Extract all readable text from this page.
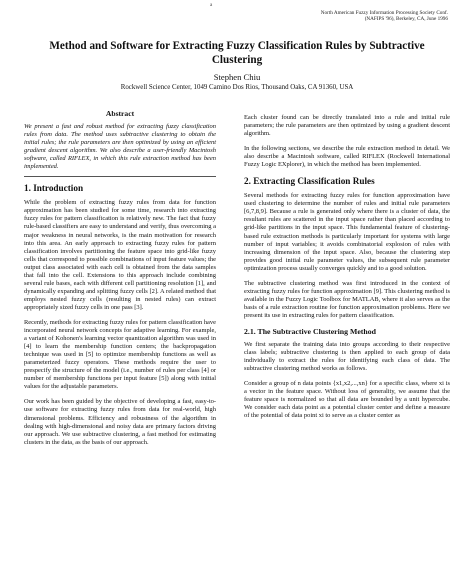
a
North American Fuzzy Information Processing Society Conf.
(NAFIPS '96), Berkeley, CA, June 1996
Method and Software for Extracting Fuzzy Classification Rules by Subtractive Clustering
Stephen Chiu
Rockwell Science Center, 1049 Camino Dos Rios, Thousand Oaks, CA 91360, USA
Abstract
We present a fast and robust method for extracting fuzzy classification rules from data. The method uses subtractive clustering to obtain the initial rules; the rule parameters are then optimized by using an efficient gradient descent algorithm. We also describe a user-friendly Macintosh software, called RIFLEX, in which this rule extraction method has been implemented.
1. Introduction

While the problem of extracting fuzzy rules from data for function approximation has been studied for some time, research into extracting fuzzy rules for pattern classification is relatively new. The fact that fuzzy rule-based classifiers are easy to understand and verify, thus overcoming a major weakness in neural networks, is the main motivation for research into this area. An early approach to extracting fuzzy rules for pattern classification involves partitioning the feature space into grid-like fuzzy cells that correspond to possible combinations of input feature values; the output class associated with each cell is obtained from the data samples that fall into the cell. Extensions to this approach include combining several rule bases, each with different cell partitioning resolution [1], and dynamically expanding and splitting fuzzy cells [2]. A related method that employs nested fuzzy cells (resulting in nested rules) can extract appropriately sized fuzzy cells in one pass [3].

Recently, methods for extracting fuzzy rules for pattern classification have incorporated neural network concepts for adaptive learning. For example, a variant of Kohonen's learning vector quantization algorithm was used in [4] to learn the membership function centers; the backpropagation technique was used in [5] to optimize membership functions as well as parameterized fuzzy operators. These methods require the user to prespecify the structure of the model (i.e., number of rules per class [4] or number of membership functions per input feature [5]) along with initial values for the adjustable parameters.

Our work has been guided by the objective of developing a fast, easy-to-use software for extracting fuzzy rules from data for real-world, high dimensional problems. Efficiency and robustness of the algorithm in dealing with high-dimensional and noisy data are primary factors driving our approach. We use subtractive clustering, a fast method for estimating clusters in the data, as the basis of our approach.

Each cluster found can be directly translated into a rule and initial rule parameters; the rule parameters are then optimized by using a gradient descent algorithm.

In the following sections, we describe the rule extraction method in detail. We also describe a Macintosh software, called RIFLEX (Rockwell International Fuzzy Logic EXplorer), in which the method has been implemented.

2. Extracting Classification Rules

Several methods for extracting fuzzy rules for function approximation have used clustering to determine the number of rules and initial rule parameters [6,7,8,9]. Because a rule is generated only where there is a cluster of data, the resultant rules are scattered in the input space rather than placed according to grid-like partitions in the input space. This fundamental feature of clustering-based rule extraction methods is particularly important for systems with large number of input variables; it avoids combinatorial explosion of rules with increasing dimension of the input space. Also, because the clustering step provides good initial rule parameter values, the subsequent rule parameter optimization process usually converges quickly and to a good solution.

The subtractive clustering method was first introduced in the context of extracting fuzzy rules for function approximation [9]. This clustering method is available in the Fuzzy Logic Toolbox for MATLAB, where it also serves as the basis of a rule extraction routine for function approximation problems. Here we present its use in extracting rules for pattern classification.

2.1. The Subtractive Clustering Method

We first separate the training data into groups according to their respective class labels; subtractive clustering is then applied to each group of data individually to extract the rules for identifying each class of data. The subtractive clustering method works as follows.

Consider a group of n data points {x1,x2,...,xn} for a specific class, where xi is a vector in the feature space. Without loss of generality, we assume that the feature space is normalized so that all data are bounded by a unit hypercube. We consider each data point as a potential cluster center and define a measure of the potential of data point xi to serve as a cluster center as
